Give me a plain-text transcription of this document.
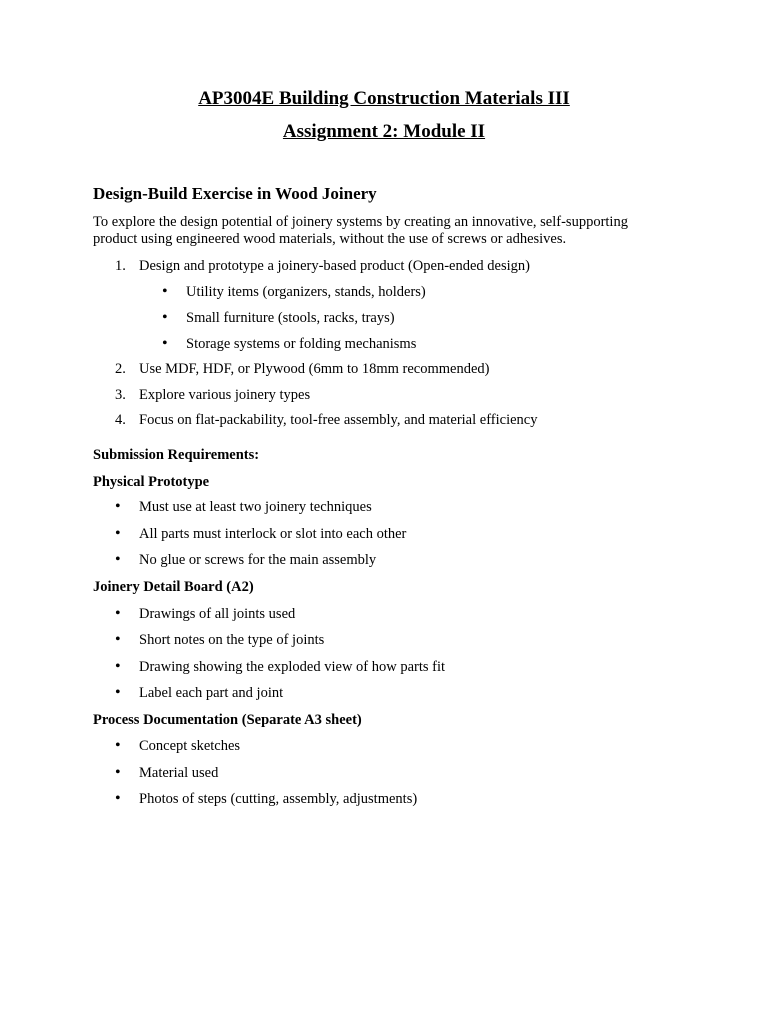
AP3004E Building Construction Materials III
Assignment 2: Module II
Design-Build Exercise in Wood Joinery
To explore the design potential of joinery systems by creating an innovative, self-supporting
product using engineered wood materials, without the use of screws or adhesives.
1. Design and prototype a joinery-based product (Open-ended design)
• Utility items (organizers, stands, holders)
• Small furniture (stools, racks, trays)
• Storage systems or folding mechanisms
2. Use MDF, HDF, or Plywood (6mm to 18mm recommended)
3. Explore various joinery types
4. Focus on flat-packability, tool-free assembly, and material efficiency
Submission Requirements:
Physical Prototype
• Must use at least two joinery techniques
• All parts must interlock or slot into each other
• No glue or screws for the main assembly
Joinery Detail Board (A2)
• Drawings of all joints used
• Short notes on the type of joints
• Drawing showing the exploded view of how parts fit
• Label each part and joint
Process Documentation (Separate A3 sheet)
• Concept sketches
• Material used
• Photos of steps (cutting, assembly, adjustments)
